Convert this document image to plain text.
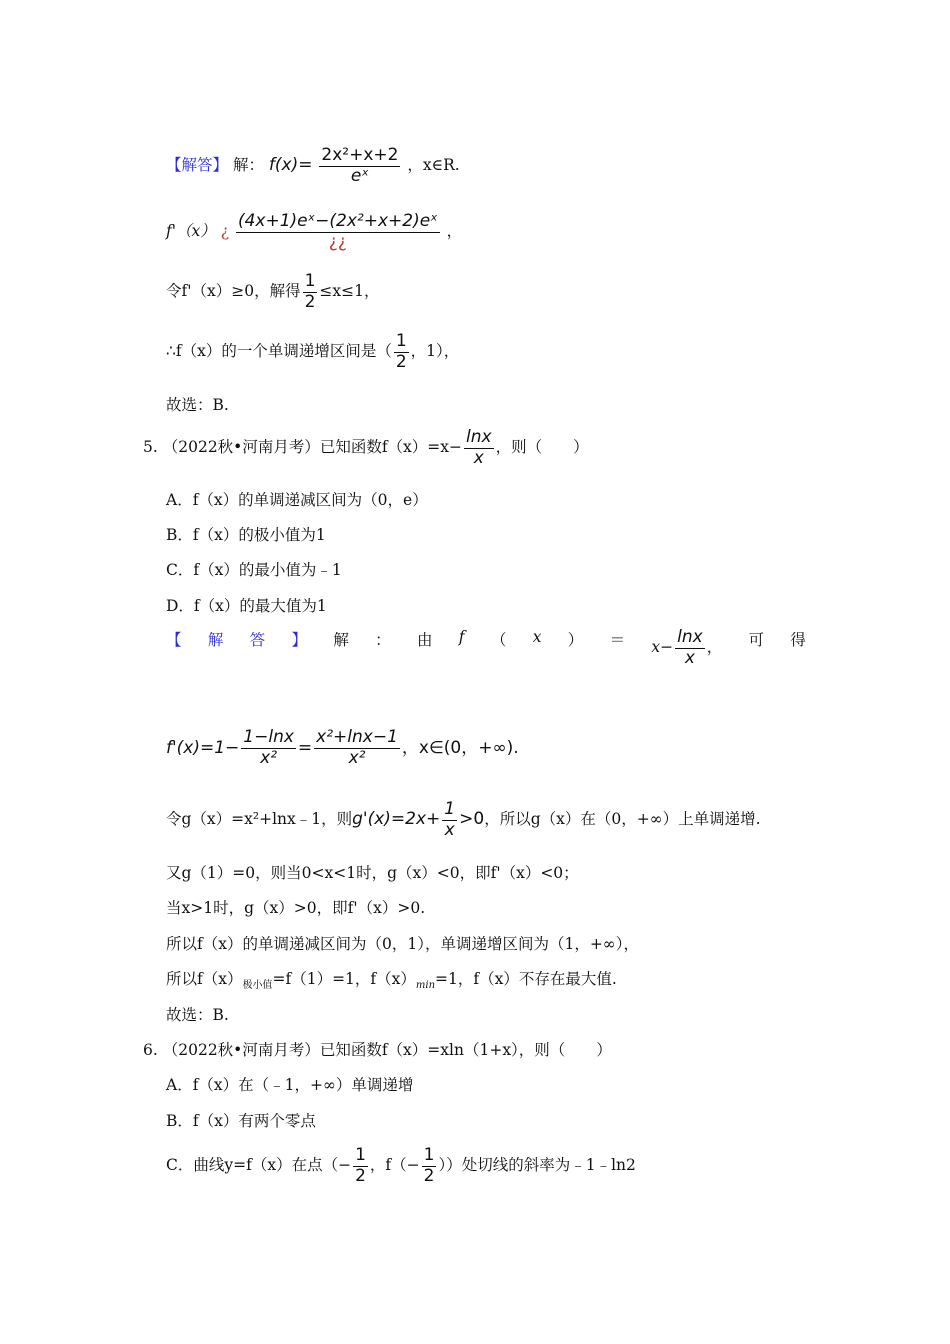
【解答】 解： $f(x)= \frac{\text{2x²+x+2}}{\text{eˣ}}$ ，x∈R.
f'（x） ¿ $\frac{\text{(4x+1)eˣ−(2x²+x+2)eˣ}}{¿¿}$ ，
令f'（x）≥0，解得 $\frac{1}{2} \le x\le 1$，
∴f（x）的一个单调递增区间是（ $\frac{1}{2}$ ，1），
故选：B.
5. （2022秋•河南月考）已知函数$f(x)=x- \frac{\ln x}{x}$ ，则（　　）
A．f（x）的单调递减区间为（0，e）
B．f（x）的极小值为1
C．f（x）的最小值为﹣1
D．f（x）的最大值为1
【 解 答 】 解 ： 由 f （ x ） ＝ $x- \frac{\ln x}{x}$ ， 可 得
$f'(x)=1- \frac{1-\ln x}{\text{x²}} = \frac{\text{x²+lnx−1}}{\text{x²}}$ ，x∈(0，+∞).
令g（x）=x²+lnx﹣1，则$g'(x)=2x+ \frac{1}{x} >0$，所以g（x）在（0，+∞）上单调递增.
又g（1）=0，则当0<x<1时，g（x）<0，即f'（x）<0；
当x>1时，g（x）>0，即f'（x）>0.
所以f（x）的单调递减区间为（0，1），单调递增区间为（1，+∞），
所以$f(x)_{极小值}=f(1)=1$，$f(x)_{min}=1$，f（x）不存在最大值.
故选：B.
6. （2022秋•河南月考）已知函数f（x）=xln（1+x），则（　　）
A．f（x）在（﹣1，+∞）单调递增
B．f（x）有两个零点
C．曲线y=f（x）在点（− $\frac{1}{2}$ ，$f(- \frac{1}{2}$ ））处切线的斜率为﹣1﹣ln2
